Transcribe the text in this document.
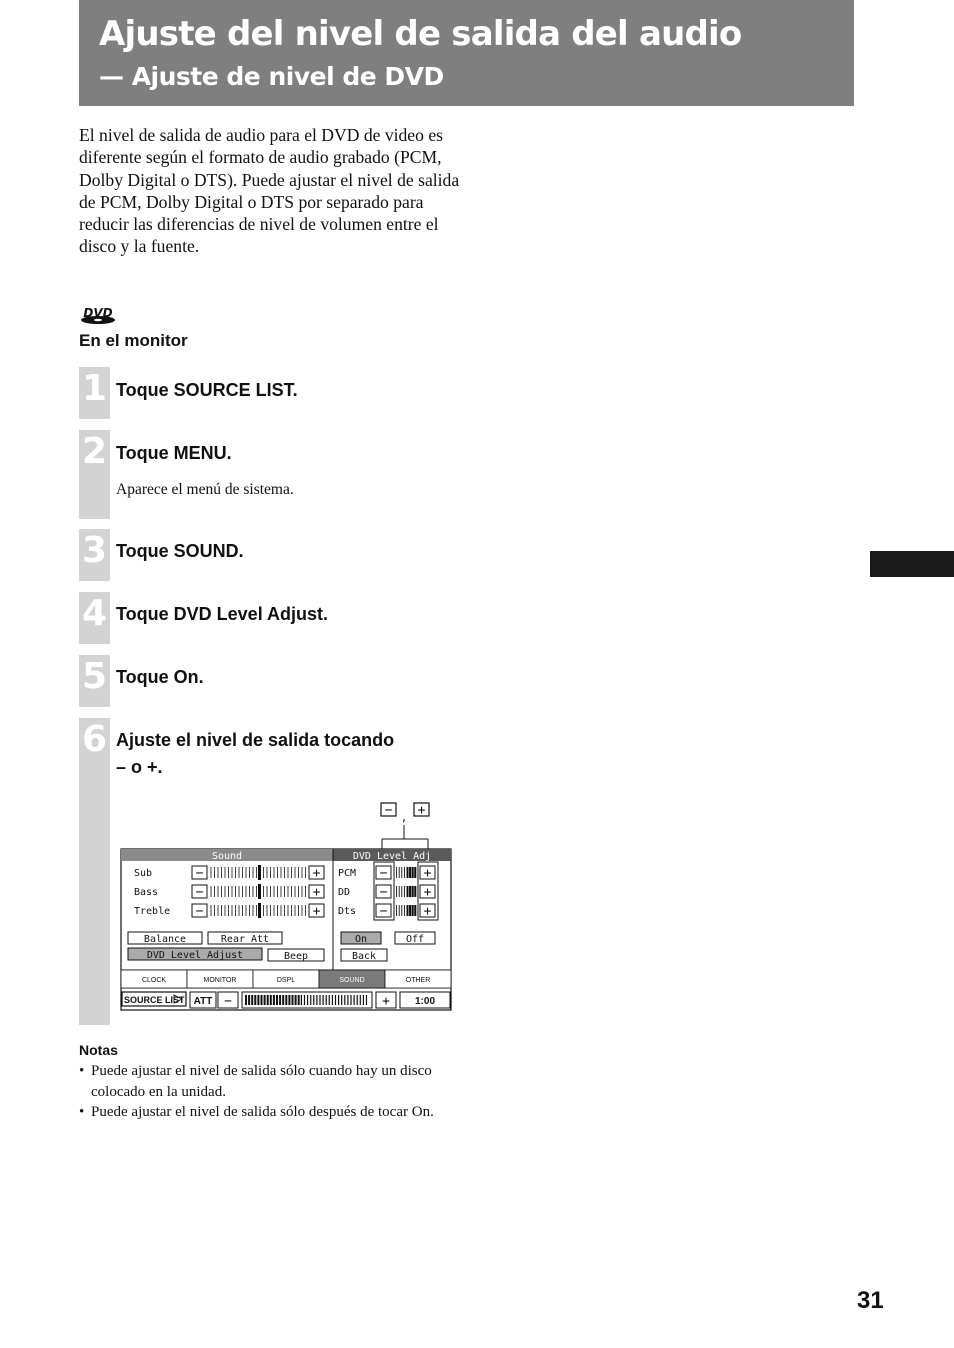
Ajuste del nivel de salida del audio
— Ajuste de nivel de DVD
El nivel de salida de audio para el DVD de video es diferente según el formato de audio grabado (PCM, Dolby Digital o DTS). Puede ajustar el nivel de salida de PCM, Dolby Digital o DTS por separado para reducir las diferencias de nivel de volumen entre el disco y la fuente.
DVD
En el monitor
1 Toque SOURCE LIST.
2 Toque MENU.
Aparece el menú de sistema.
3 Toque SOUND.
4 Toque DVD Level Adjust.
5 Toque On.
6 Ajuste el nivel de salida tocando
– o +.
− , +
Sound	DVD Level Adj
Sub	−	+
Bass	−	+
Treble −	+
PCM −	+
DD −	+
Dts −	+
Balance	Rear Att
DVD Level Adjust	Beep
On	Off
Back
CLOCK	MONITOR	DSPL	SOUND	OTHER
SOURCE LIST ATT −	+	1:00
Notas
• Puede ajustar el nivel de salida sólo cuando hay un disco colocado en la unidad.
• Puede ajustar el nivel de salida sólo después de tocar On.
31
